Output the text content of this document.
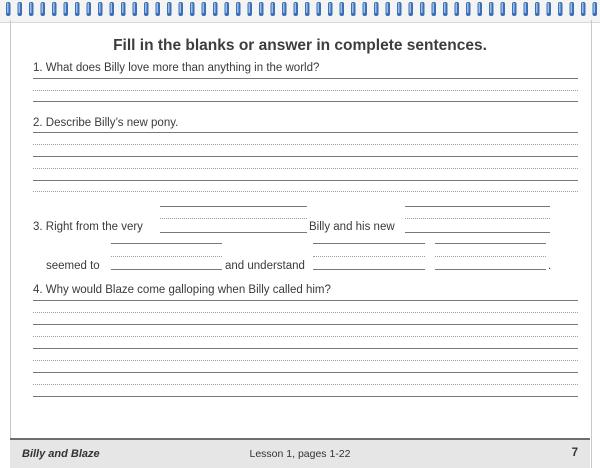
Fill in the blanks or answer in complete sentences.
1. What does Billy love more than anything in the world?
2. Describe Billy’s new pony.
3. Right from the very	Billy and his new
seemed to	and understand	.
4. Why would Blaze come galloping when Billy called him?
Billy and Blaze	Lesson 1, pages 1-22	7
